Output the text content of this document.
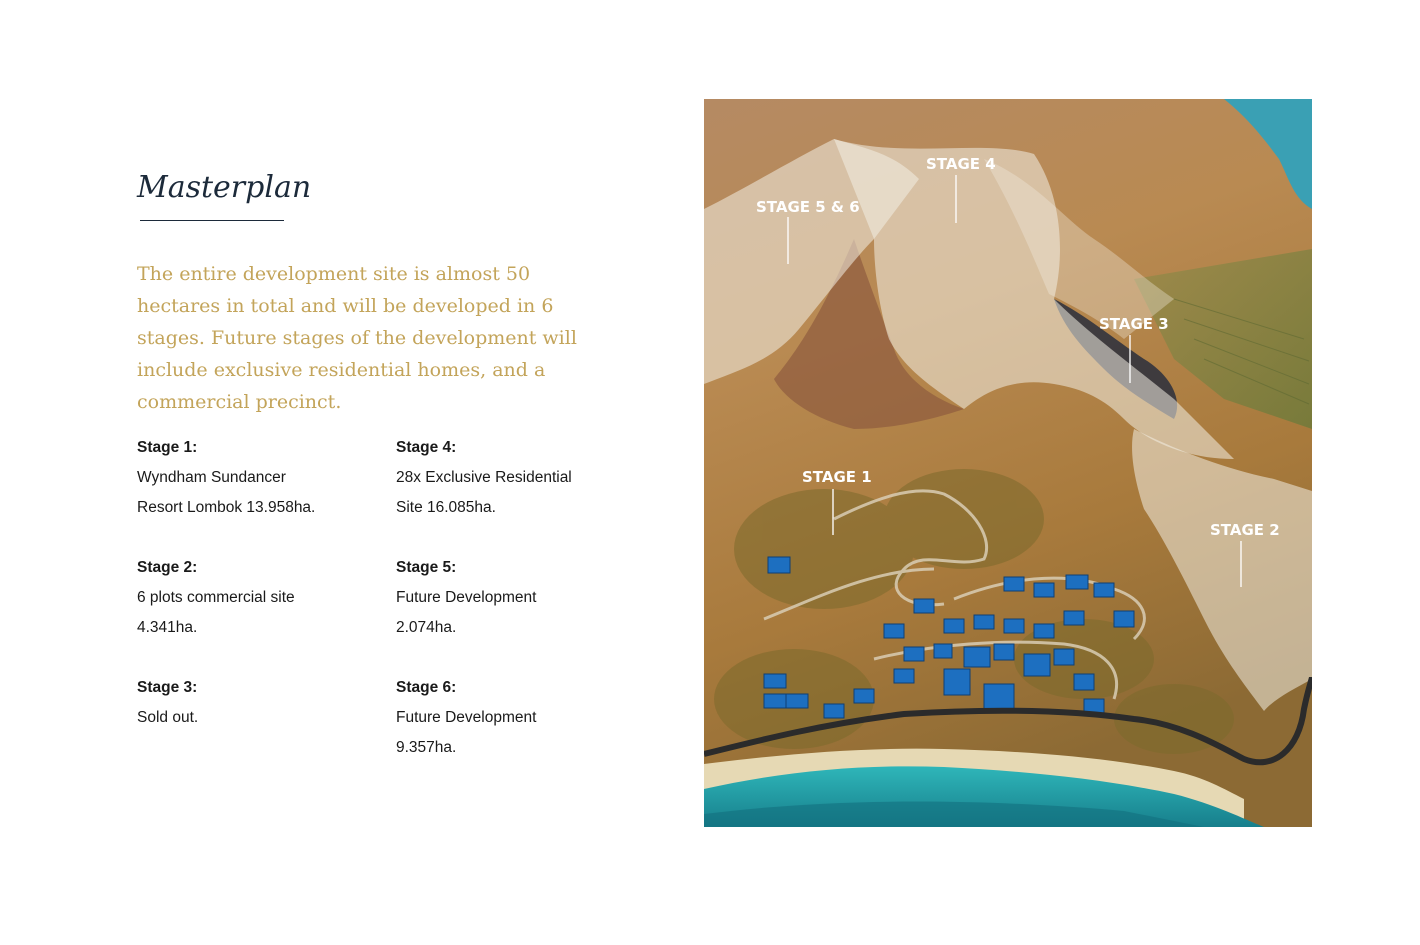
Masterplan

The entire development site is almost 50 hectares in total and will be developed in 6 stages. Future stages of the development will include exclusive residential homes, and a commercial precinct.

Stage 1:
Wyndham Sundancer
Resort Lombok 13.958ha.
Stage 4:
28x Exclusive Residential
Site 16.085ha.
Stage 2:
6 plots commercial site
4.341ha.
Stage 5:
Future Development
2.074ha.
Stage 3:
Sold out.
Stage 6:
Future Development
9.357ha.
STAGE 5 & 6
STAGE 4
STAGE 3
STAGE 1
STAGE 2
